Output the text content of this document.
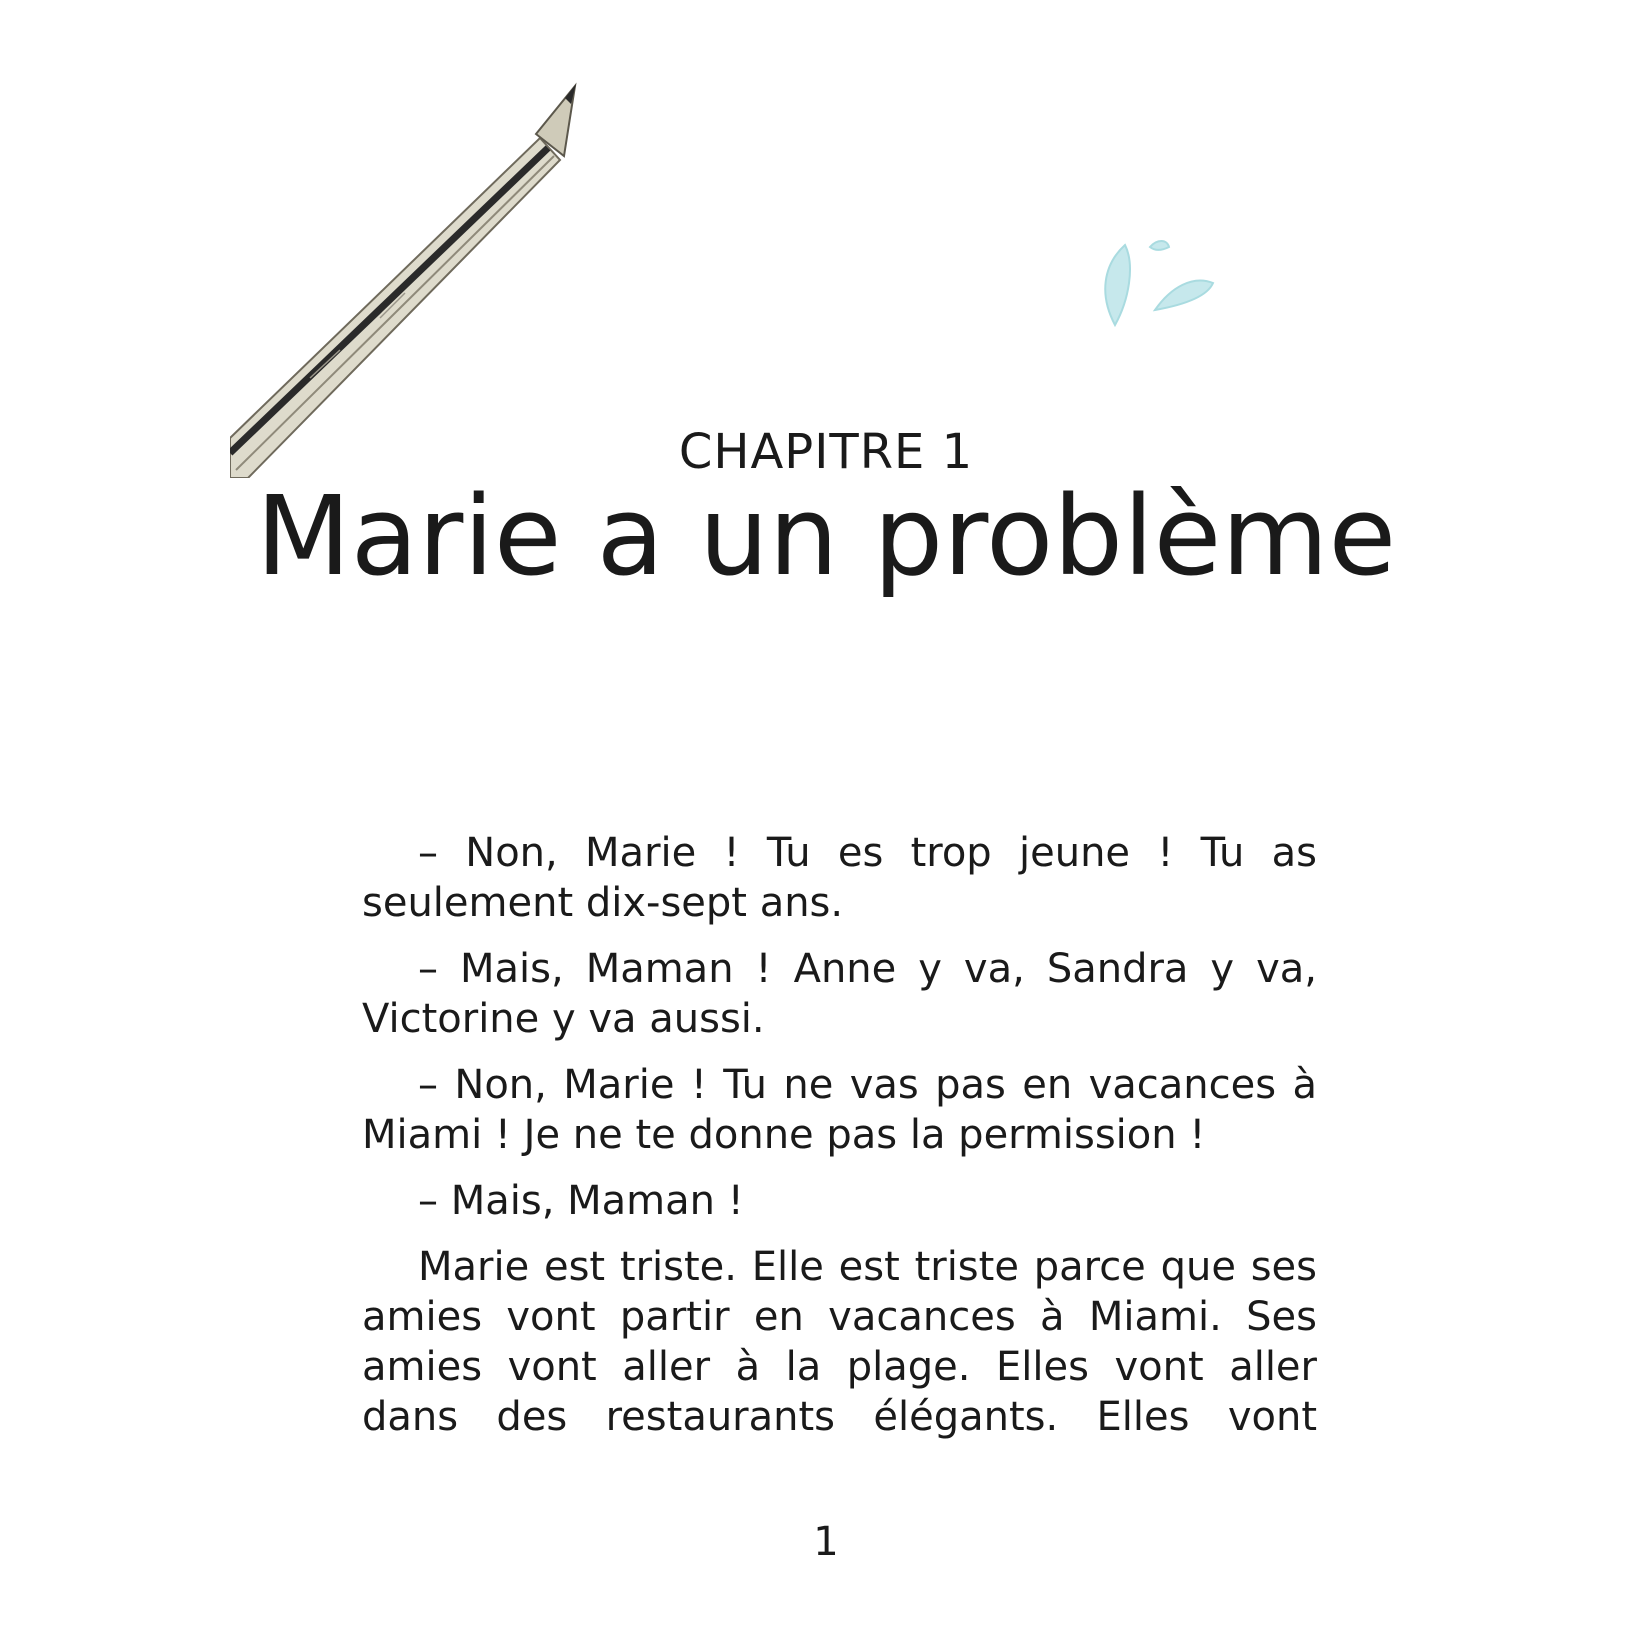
CHAPITRE 1
Marie a un problème

– Non, Marie ! Tu es trop jeune ! Tu as seulement dix-sept ans.

– Mais, Maman ! Anne y va, Sandra y va, Victorine y va aussi.

– Non, Marie ! Tu ne vas pas en vacances à Miami ! Je ne te donne pas la permission !

– Mais, Maman !

Marie est triste. Elle est triste parce que ses amies vont partir en vacances à Miami. Ses amies vont aller à la plage. Elles vont aller dans des restaurants élégants. Elles vont

1
